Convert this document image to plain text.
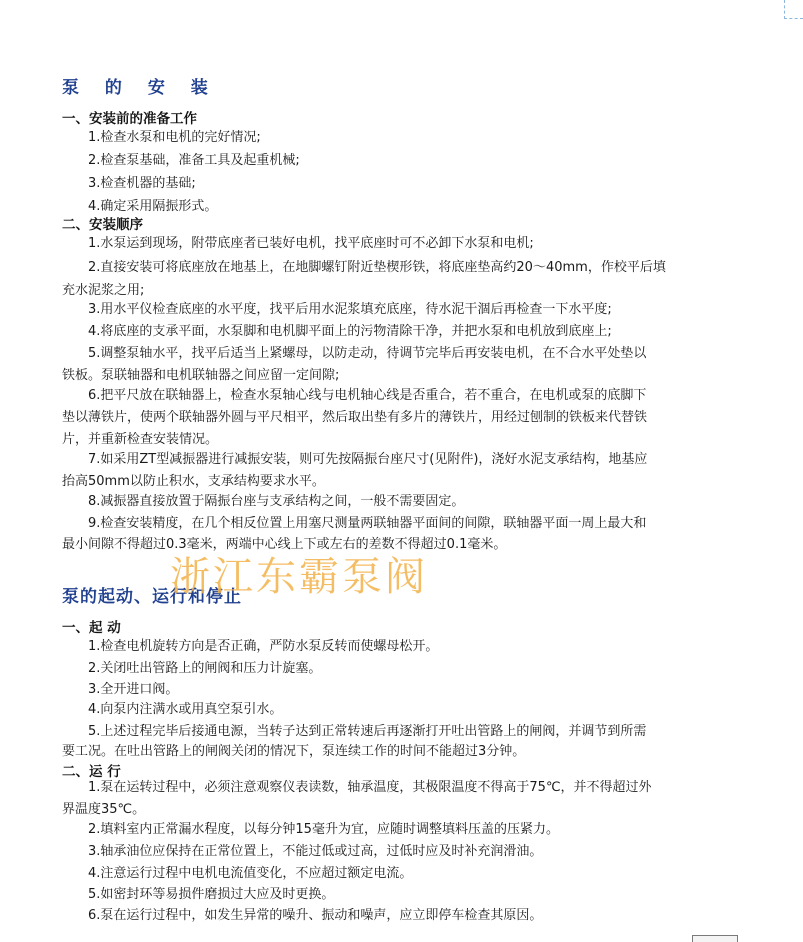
泵 的 安 装
一、安装前的准备工作
1.检查水泵和电机的完好情况;
2.检查泵基础，准备工具及起重机械;
3.检查机器的基础;
4.确定采用隔振形式。
二、安装顺序
1.水泵运到现场，附带底座者已装好电机，找平底座时可不必卸下水泵和电机;
2.直接安装可将底座放在地基上，在地脚螺钉附近垫楔形铁，将底座垫高约20～40mm，作校平后填
充水泥浆之用;
3.用水平仪检查底座的水平度，找平后用水泥浆填充底座，待水泥干涸后再检查一下水平度;
4.将底座的支承平面，水泵脚和电机脚平面上的污物清除干净，并把水泵和电机放到底座上;
5.调整泵轴水平，找平后适当上紧螺母，以防走动，待调节完毕后再安装电机，在不合水平处垫以
铁板。泵联轴器和电机联轴器之间应留一定间隙;
6.把平尺放在联轴器上，检查水泵轴心线与电机轴心线是否重合，若不重合，在电机或泵的底脚下
垫以薄铁片，使两个联轴器外圆与平尺相平，然后取出垫有多片的薄铁片，用经过刨制的铁板来代替铁
片，并重新检查安装情况。
7.如采用ZT型减振器进行减振安装，则可先按隔振台座尺寸(见附件)，浇好水泥支承结构，地基应
抬高50mm以防止积水，支承结构要求水平。
8.减振器直接放置于隔振台座与支承结构之间，一般不需要固定。
9.检查安装精度，在几个相反位置上用塞尺测量两联轴器平面间的间隙，联轴器平面一周上最大和
最小间隙不得超过0.3毫米，两端中心线上下或左右的差数不得超过0.1毫米。
泵的起动、运行和停止
一、起 动
1.检查电机旋转方向是否正确，严防水泵反转而使螺母松开。
2.关闭吐出管路上的闸阀和压力计旋塞。
3.全开进口阀。
4.向泵内注满水或用真空泵引水。
5.上述过程完毕后接通电源，当转子达到正常转速后再逐渐打开吐出管路上的闸阀，并调节到所需
要工况。在吐出管路上的闸阀关闭的情况下，泵连续工作的时间不能超过3分钟。
二、运 行
1.泵在运转过程中，必须注意观察仪表读数，轴承温度，其极限温度不得高于75℃，并不得超过外
界温度35℃。
2.填料室内正常漏水程度，以每分钟15毫升为宜，应随时调整填料压盖的压紧力。
3.轴承油位应保持在正常位置上，不能过低或过高，过低时应及时补充润滑油。
4.注意运行过程中电机电流值变化，不应超过额定电流。
5.如密封环等易损件磨损过大应及时更换。
6.泵在运行过程中，如发生异常的噪升、振动和噪声，应立即停车检查其原因。
浙江东霸泵阀
